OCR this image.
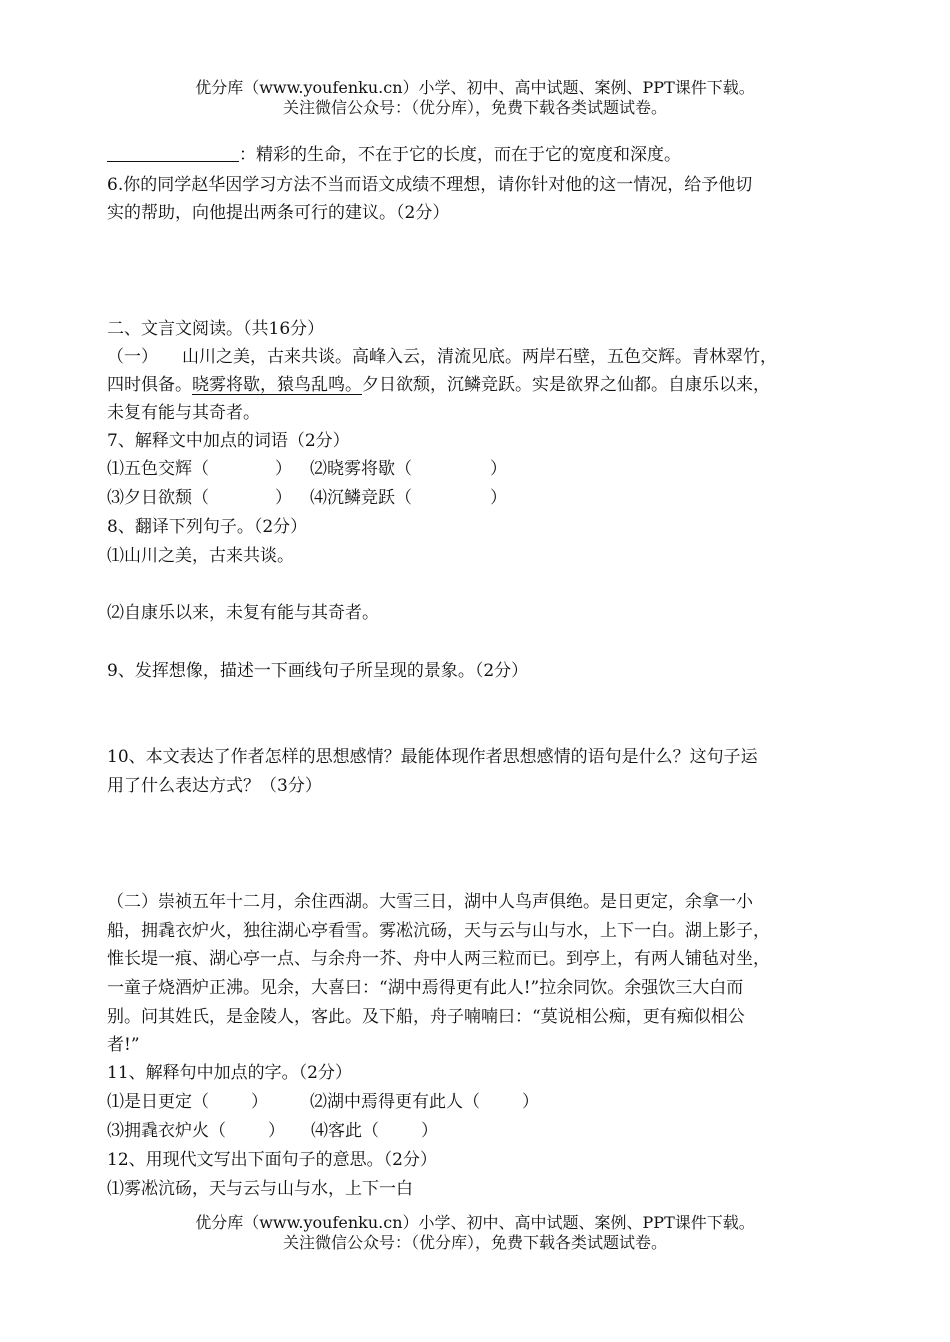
优分库（www.youfenku.cn）小学、初中、高中试题、案例、PPT课件下载。
关注微信公众号：（优分库），免费下载各类试题试卷。
：精彩的生命，不在于它的长度，而在于它的宽度和深度。
6.你的同学赵华因学习方法不当而语文成绩不理想，请你针对他的这一情况，给予他切
实的帮助，向他提出两条可行的建议。（2分）
二、文言文阅读。（共16分）
（一） 山川之美，古来共谈。高峰入云，清流见底。两岸石壁，五色交辉。青林翠竹，
四时俱备。晓雾将歇，猿鸟乱鸣。夕日欲颓，沉鳞竞跃。实是欲界之仙都。自康乐以来，
未复有能与其奇者。
7、解释文中加点的词语（2分）
⑴五色交辉（	） ⑵晓雾将歇（	）
⑶夕日欲颓（	） ⑷沉鳞竞跃（	）
8、翻译下列句子。（2分）
⑴山川之美，古来共谈。
⑵自康乐以来，未复有能与其奇者。
9、发挥想像，描述一下画线句子所呈现的景象。（2分）
10、本文表达了作者怎样的思想感情？最能体现作者思想感情的语句是什么？这句子运
用了什么表达方式？（3分）
（二）崇祯五年十二月，余住西湖。大雪三日，湖中人鸟声俱绝。是日更定，余拿一小
船，拥毳衣炉火，独往湖心亭看雪。雾凇沆砀，天与云与山与水，上下一白。湖上影子，
惟长堤一痕、湖心亭一点、与余舟一芥、舟中人两三粒而已。到亭上，有两人铺毡对坐，
一童子烧酒炉正沸。见余，大喜曰：“湖中焉得更有此人!”拉余同饮。余强饮三大白而
别。问其姓氏，是金陵人，客此。及下船，舟子喃喃曰：“莫说相公痴，更有痴似相公
者!”
11、解释句中加点的字。（2分）
⑴是日更定（ ） ⑵湖中焉得更有此人（ ）
⑶拥毳衣炉火（ ） ⑷客此（ ）
12、用现代文写出下面句子的意思。（2分）
⑴雾凇沆砀，天与云与山与水，上下一白
优分库（www.youfenku.cn）小学、初中、高中试题、案例、PPT课件下载。
关注微信公众号：（优分库），免费下载各类试题试卷。
